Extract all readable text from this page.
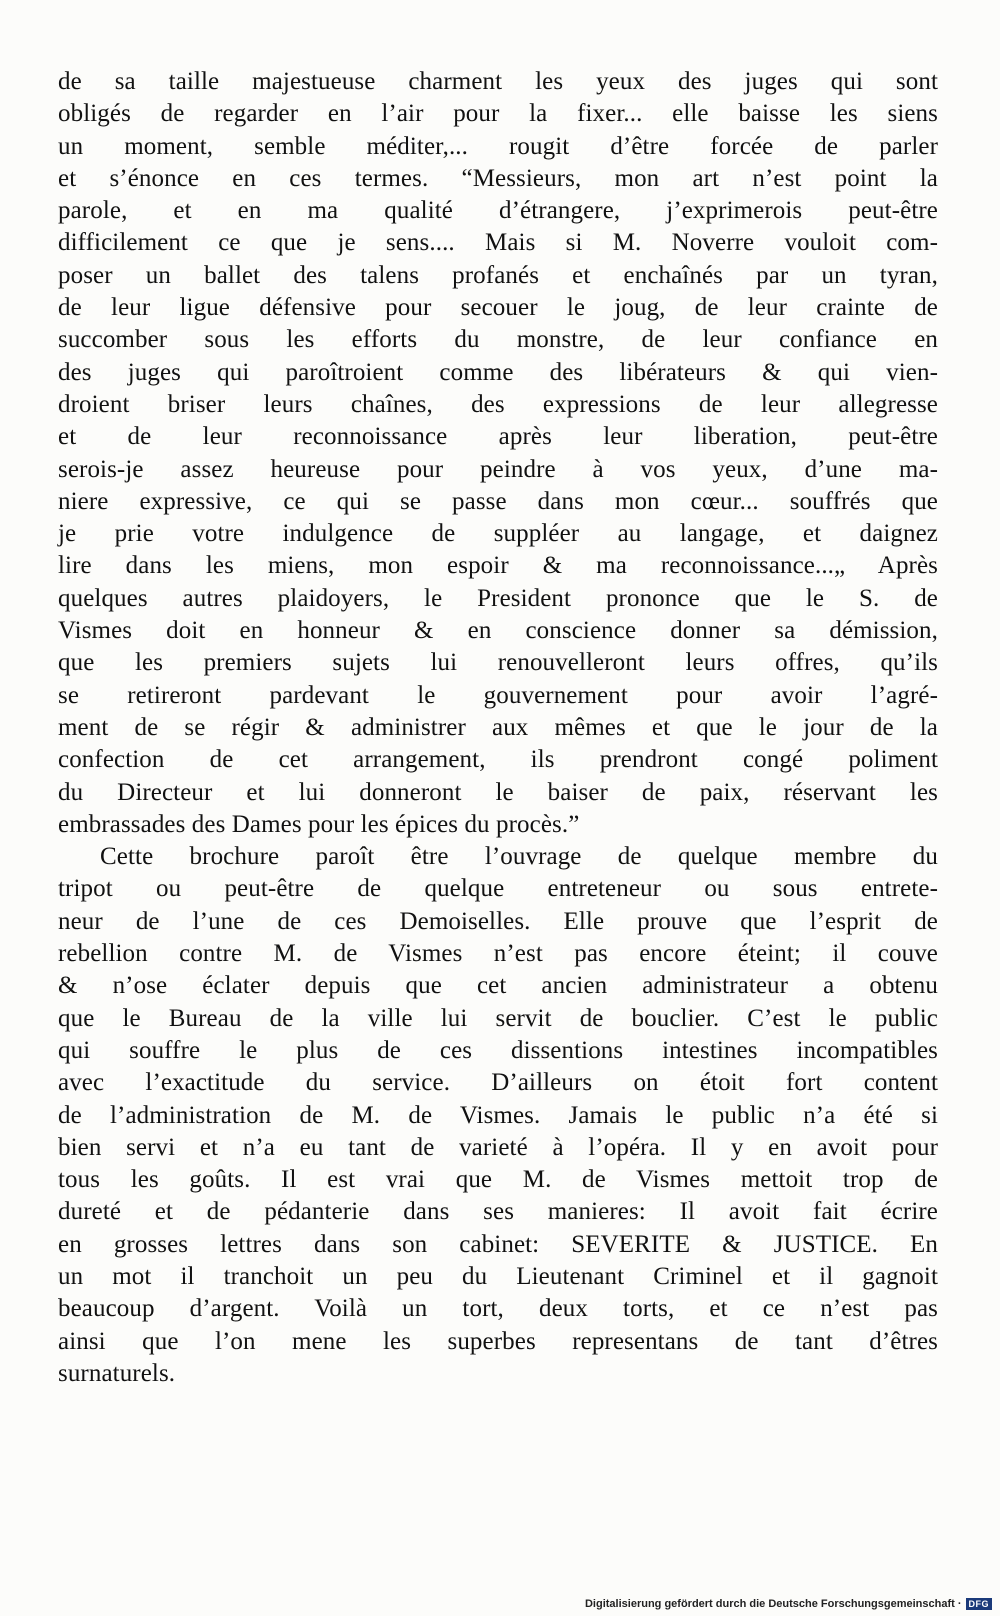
de sa taille majestueuse charment les yeux des juges qui sont
obligés de regarder en l’air pour la fixer... elle baisse les siens
un moment, semble méditer,... rougit d’être forcée de parler
et s’énonce en ces termes. “Messieurs, mon art n’est point la
parole, et en ma qualité d’étrangere, j’exprimerois peut-être
difficilement ce que je sens.... Mais si M. Noverre vouloit com-
poser un ballet des talens profanés et enchaînés par un tyran,
de leur ligue défensive pour secouer le joug, de leur crainte de
succomber sous les efforts du monstre, de leur confiance en
des juges qui paroîtroient comme des libérateurs & qui vien-
droient briser leurs chaînes, des expressions de leur allegresse
et de leur reconnoissance après leur liberation, peut-être
serois-je assez heureuse pour peindre à vos yeux, d’une ma-
niere expressive, ce qui se passe dans mon cœur... souffrés que
je prie votre indulgence de suppléer au langage, et daignez
lire dans les miens, mon espoir & ma reconnoissance...„ Après
quelques autres plaidoyers, le President prononce que le S. de
Vismes doit en honneur & en conscience donner sa démission,
que les premiers sujets lui renouvelleront leurs offres, qu’ils
se retireront pardevant le gouvernement pour avoir l’agré-
ment de se régir & administrer aux mêmes et que le jour de la
confection de cet arrangement, ils prendront congé poliment
du Directeur et lui donneront le baiser de paix, réservant les
embrassades des Dames pour les épices du procès.”
Cette brochure paroît être l’ouvrage de quelque membre du
tripot ou peut-être de quelque entreteneur ou sous entrete-
neur de l’une de ces Demoiselles. Elle prouve que l’esprit de
rebellion contre M. de Vismes n’est pas encore éteint; il couve
& n’ose éclater depuis que cet ancien administrateur a obtenu
que le Bureau de la ville lui servit de bouclier. C’est le public
qui souffre le plus de ces dissentions intestines incompatibles
avec l’exactitude du service. D’ailleurs on étoit fort content
de l’administration de M. de Vismes. Jamais le public n’a été si
bien servi et n’a eu tant de varieté à l’opéra. Il y en avoit pour
tous les goûts. Il est vrai que M. de Vismes mettoit trop de
dureté et de pédanterie dans ses manieres: Il avoit fait écrire
en grosses lettres dans son cabinet: SEVERITE & JUSTICE. En
un mot il tranchoit un peu du Lieutenant Criminel et il gagnoit
beaucoup d’argent. Voilà un tort, deux torts, et ce n’est pas
ainsi que l’on mene les superbes representans de tant d’êtres
surnaturels.
Digitalisierung gefördert durch die Deutsche Forschungsgemeinschaft · DFG
